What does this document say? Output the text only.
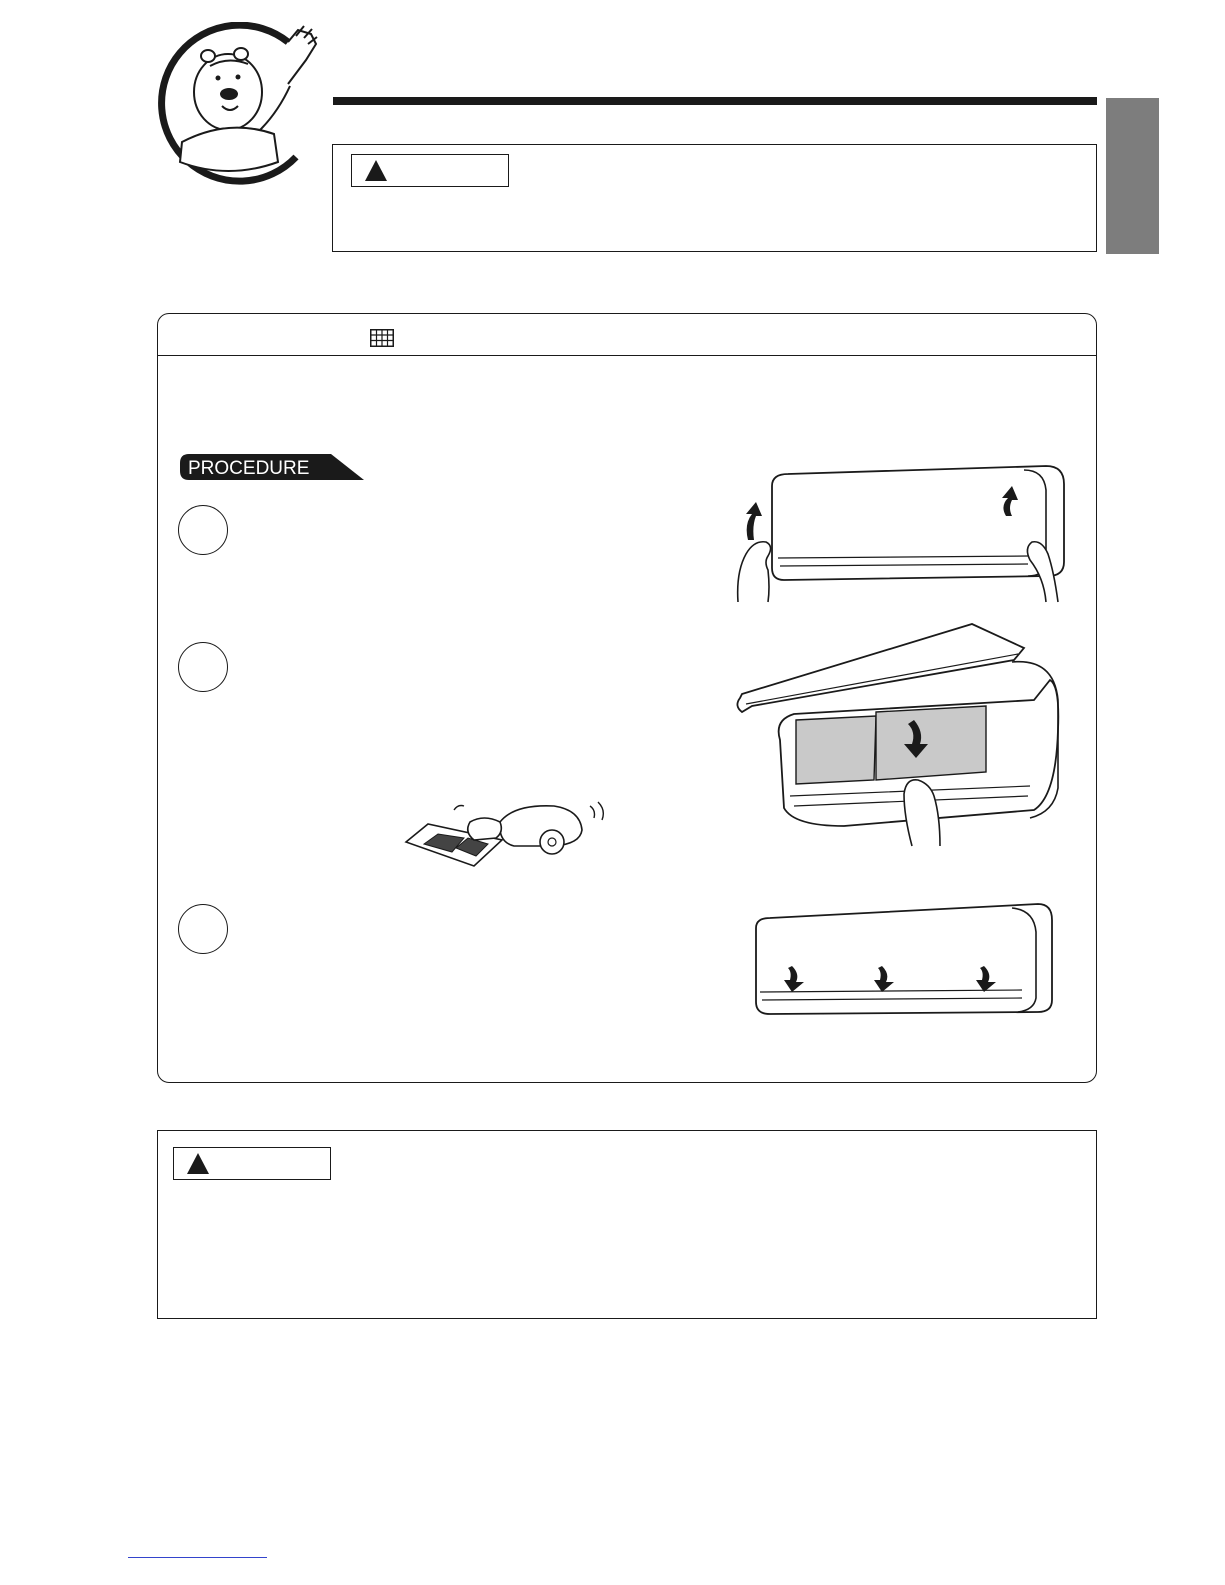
PROCEDURE
